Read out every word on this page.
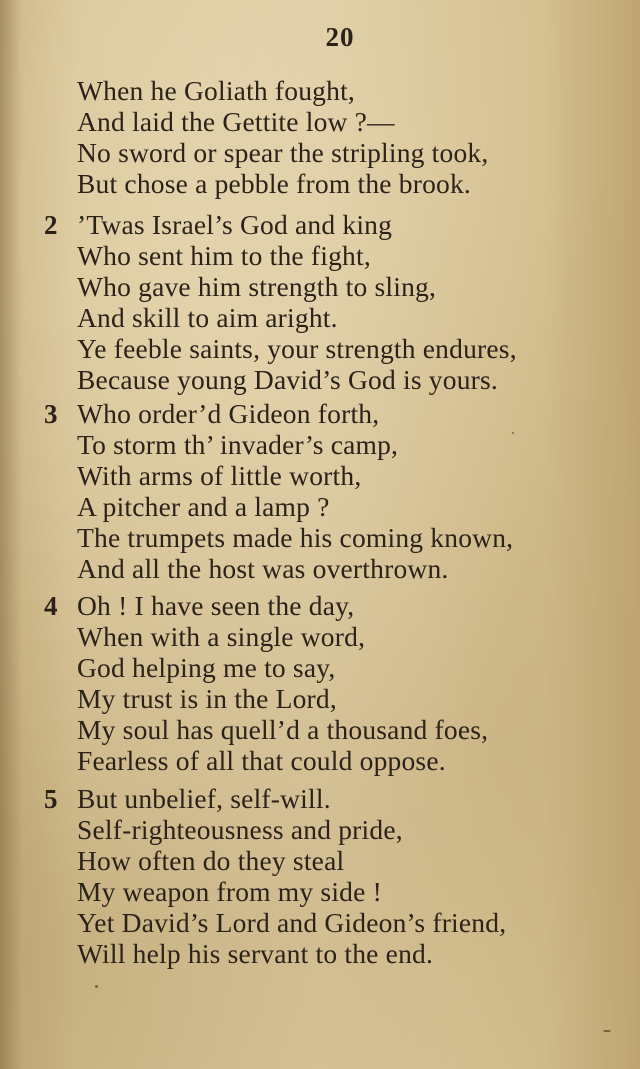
20
When he Goliath fought,
And laid the Gettite low ?—
No sword or spear the stripling took,
But chose a pebble from the brook.
2 ’Twas Israel’s God and king
Who sent him to the fight,
Who gave him strength to sling,
And skill to aim aright.
Ye feeble saints, your strength endures,
Because young David’s God is yours.
3 Who order’d Gideon forth,
To storm th’ invader’s camp,
With arms of little worth,
A pitcher and a lamp ?
The trumpets made his coming known,
And all the host was overthrown.
4 Oh ! I have seen the day,
When with a single word,
God helping me to say,
My trust is in the Lord,
My soul has quell’d a thousand foes,
Fearless of all that could oppose.
5 But unbelief, self-will.
Self-righteousness and pride,
How often do they steal
My weapon from my side !
Yet David’s Lord and Gideon’s friend,
Will help his servant to the end.
